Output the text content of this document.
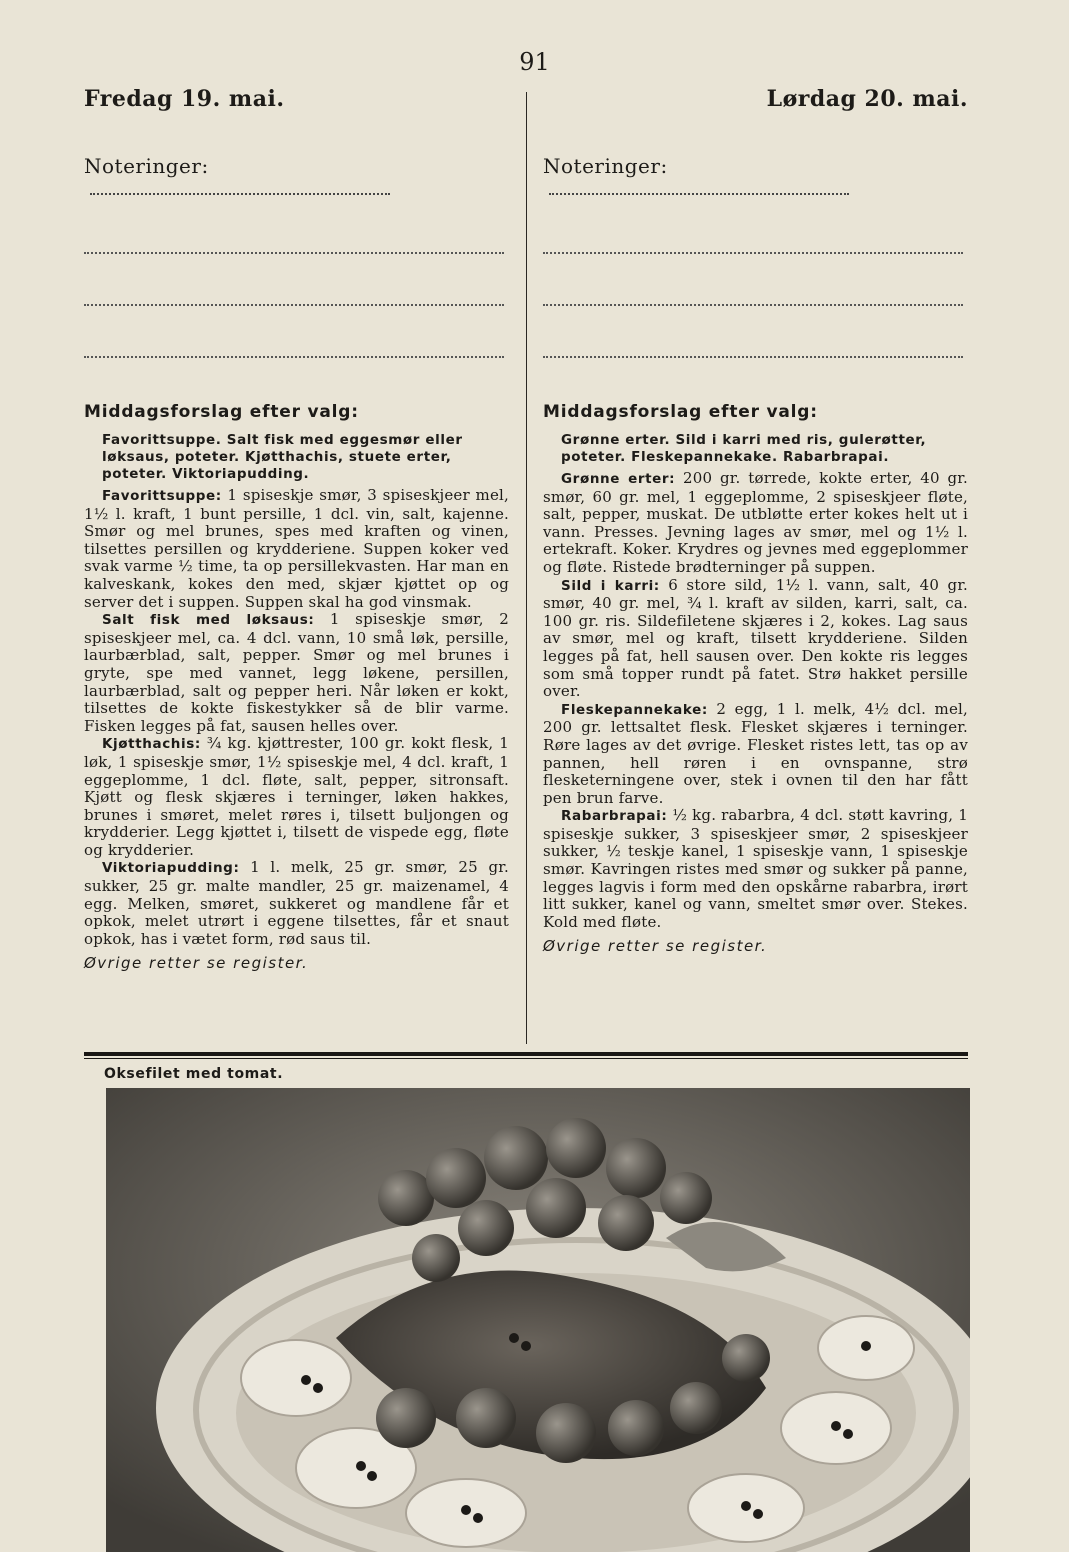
91
Fredag 19. mai.
Noteringer:
Middagsforslag efter valg:
Favorittsuppe. Salt fisk med eggesmør eller løksaus, poteter. Kjøtthachis, stuete erter, poteter. Viktoriapudding.

Favorittsuppe: 1 spiseskje smør, 3 spiseskjeer mel, 1½ l. kraft, 1 bunt persille, 1 dcl. vin, salt, kajenne. Smør og mel brunes, spes med kraften og vinen, tilsettes persillen og krydderiene. Suppen koker ved svak varme ½ time, ta op persillekvasten. Har man en kalveskank, kokes den med, skjær kjøttet op og server det i suppen. Suppen skal ha god vinsmak.

Salt fisk med løksaus: 1 spiseskje smør, 2 spiseskjeer mel, ca. 4 dcl. vann, 10 små løk, persille, laurbærblad, salt, pepper. Smør og mel brunes i gryte, spe med vannet, legg løkene, persillen, laurbærblad, salt og pepper heri. Når løken er kokt, tilsettes de kokte fiskestykker så de blir varme. Fisken legges på fat, sausen helles over.

Kjøtthachis: ¾ kg. kjøttrester, 100 gr. kokt flesk, 1 løk, 1 spiseskje smør, 1½ spiseskje mel, 4 dcl. kraft, 1 eggeplomme, 1 dcl. fløte, salt, pepper, sitronsaft. Kjøtt og flesk skjæres i terninger, løken hakkes, brunes i smøret, melet røres i, tilsett buljongen og krydderier. Legg kjøttet i, tilsett de vispede egg, fløte og krydderier.

Viktoriapudding: 1 l. melk, 25 gr. smør, 25 gr. sukker, 25 gr. malte mandler, 25 gr. maizenamel, 4 egg. Melken, smøret, sukkeret og mandlene får et opkok, melet utrørt i eggene tilsettes, får et snaut opkok, has i vætet form, rød saus til.

Øvrige retter se register.
Lørdag 20. mai.
Noteringer:
Middagsforslag efter valg:
Grønne erter. Sild i karri med ris, gulerøtter, poteter. Fleskepannekake. Rabarbrapai.

Grønne erter: 200 gr. tørrede, kokte erter, 40 gr. smør, 60 gr. mel, 1 eggeplomme, 2 spiseskjeer fløte, salt, pepper, muskat. De utbløtte erter kokes helt ut i vann. Presses. Jevning lages av smør, mel og 1½ l. ertekraft. Koker. Krydres og jevnes med eggeplommer og fløte. Ristede brødterninger på suppen.

Sild i karri: 6 store sild, 1½ l. vann, salt, 40 gr. smør, 40 gr. mel, ¾ l. kraft av silden, karri, salt, ca. 100 gr. ris. Sildefiletene skjæres i 2, kokes. Lag saus av smør, mel og kraft, tilsett krydderiene. Silden legges på fat, hell sausen over. Den kokte ris legges som små topper rundt på fatet. Strø hakket persille over.

Fleskepannekake: 2 egg, 1 l. melk, 4½ dcl. mel, 200 gr. lettsaltet flesk. Flesket skjæres i terninger. Røre lages av det øvrige. Flesket ristes lett, tas op av pannen, hell røren i en ovnspanne, strø flesketerningene over, stek i ovnen til den har fått pen brun farve.

Rabarbrapai: ½ kg. rabarbra, 4 dcl. støtt kavring, 1 spiseskje sukker, 3 spiseskjeer smør, 2 spiseskjeer sukker, ½ teskje kanel, 1 spiseskje vann, 1 spiseskje smør. Kavringen ristes med smør og sukker på panne, legges lagvis i form med den opskårne rabarbra, irørt litt sukker, kanel og vann, smeltet smør over. Stekes. Kold med fløte.

Øvrige retter se register.
Oksefilet med tomat.
